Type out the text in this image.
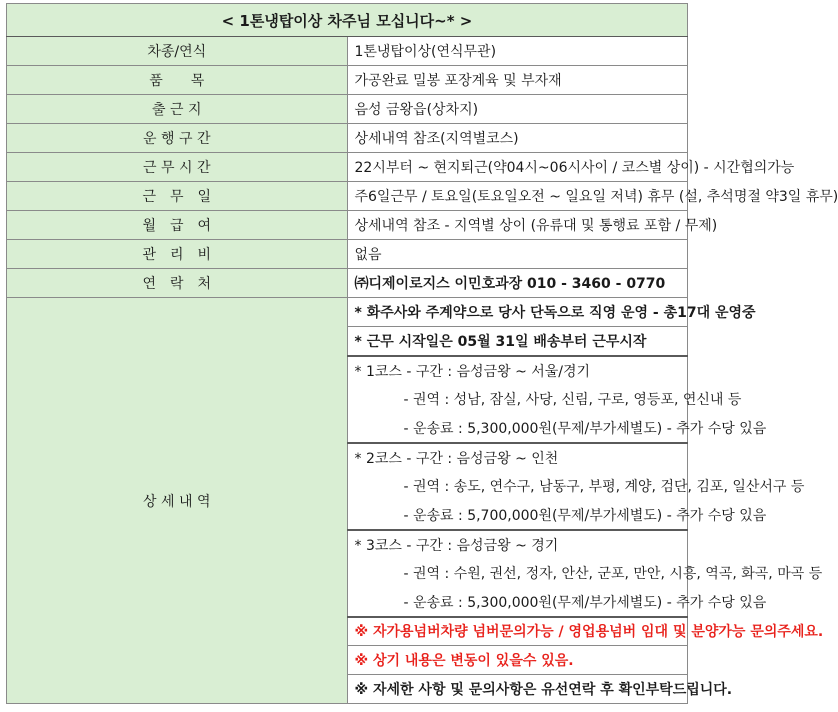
< 1톤냉탑이상 차주님 모십니다~* >	
차종/연식	1톤냉탑이상(연식무관)
품　　목	가공완료 밀봉 포장계육 및 부자재
출 근 지	음성 금왕읍(상차지)
운 행 구 간	상세내역 참조(지역별코스)
근 무 시 간	22시부터 ~ 현지퇴근(약04시~06시사이 / 코스별 상이) - 시간협의가능
근　무　일	주6일근무 / 토요일(토요일오전 ~ 일요일 저녁) 휴무 (설, 추석명절 약3일 휴무)
월　급　여	상세내역 참조 - 지역별 상이 (유류대 및 통행료 포함 / 무제)
관　리　비	없음
연　락　처	㈜디제이로지스 이민호과장 010 - 3460 - 0770
상 세 내 역	* 화주사와 주계약으로 당사 단독으로 직영 운영 - 총17대 운영중
	* 근무 시작일은 05월 31일 배송부터 근무시작
	* 1코스 - 구간 : 음성금왕 ~ 서울/경기
	- 권역 : 성남, 잠실, 사당, 신림, 구로, 영등포, 연신내 등
	- 운송료 : 5,300,000원(무제/부가세별도) - 추가 수당 있음
	* 2코스 - 구간 : 음성금왕 ~ 인천
	- 권역 : 송도, 연수구, 남동구, 부평, 계양, 검단, 김포, 일산서구 등
	- 운송료 : 5,700,000원(무제/부가세별도) - 추가 수당 있음
	* 3코스 - 구간 : 음성금왕 ~ 경기
	- 권역 : 수원, 권선, 정자, 안산, 군포, 만안, 시흥, 역곡, 화곡, 마곡 등
	- 운송료 : 5,300,000원(무제/부가세별도) - 추가 수당 있음
	※ 자가용넘버차량 넘버문의가능 / 영업용넘버 임대 및 분양가능 문의주세요.
	※ 상기 내용은 변동이 있을수 있음.
	※ 자세한 사항 및 문의사항은 유선연락 후 확인부탁드립니다.
